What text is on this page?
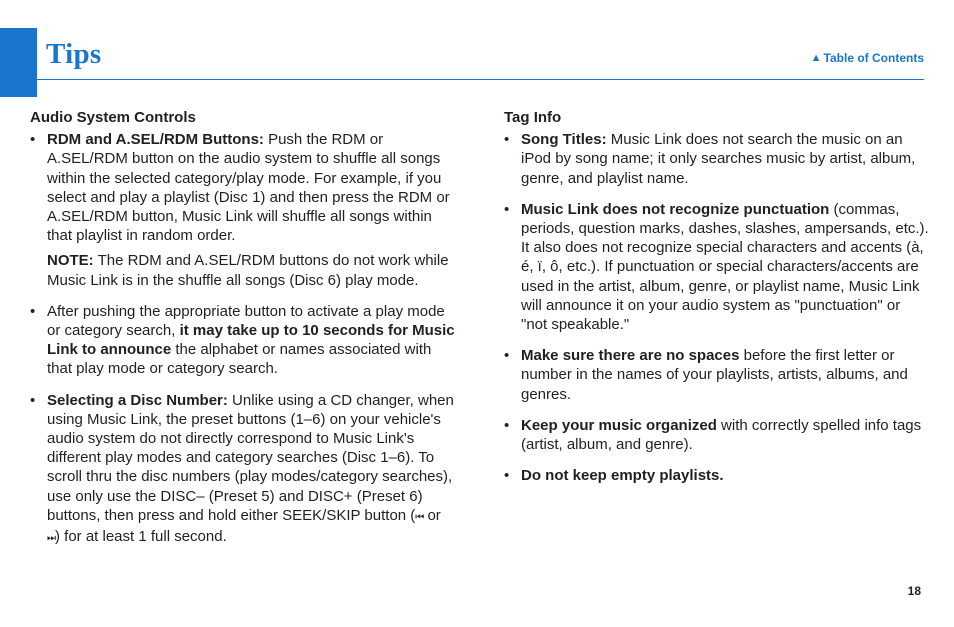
Tips	▲ Table of Contents
Audio System Controls

• RDM and A.SEL/RDM Buttons: Push the RDM or A.SEL/RDM button on the audio system to shuffle all songs within the selected category/play mode. For example, if you select and play a playlist (Disc 1) and then press the RDM or A.SEL/RDM button, Music Link will shuffle all songs within that playlist in random order.

NOTE: The RDM and A.SEL/RDM buttons do not work while Music Link is in the shuffle all songs (Disc 6) play mode.

• After pushing the appropriate button to activate a play mode or category search, it may take up to 10 seconds for Music Link to announce the alphabet or names associated with that play mode or category search.

• Selecting a Disc Number: Unlike using a CD changer, when using Music Link, the preset buttons (1–6) on your vehicle's audio system do not directly correspond to Music Link's different play modes and category searches (Disc 1–6). To scroll thru the disc numbers (play modes/category searches), use only use the DISC– (Preset 5) and DISC+ (Preset 6) buttons, then press and hold either SEEK/SKIP button (⏮ or ⏭) for at least 1 full second.

Tag Info

• Song Titles: Music Link does not search the music on an iPod by song name; it only searches music by artist, album, genre, and playlist name.

• Music Link does not recognize punctuation (commas, periods, question marks, dashes, slashes, ampersands, etc.). It also does not recognize special characters and accents (à, é, ï, ô, etc.). If punctuation or special characters/accents are used in the artist, album, genre, or playlist name, Music Link will announce it on your audio system as "punctuation" or "not speakable."

• Make sure there are no spaces before the first letter or number in the names of your playlists, artists, albums, and genres.

• Keep your music organized with correctly spelled info tags (artist, album, and genre).

• Do not keep empty playlists.

18
